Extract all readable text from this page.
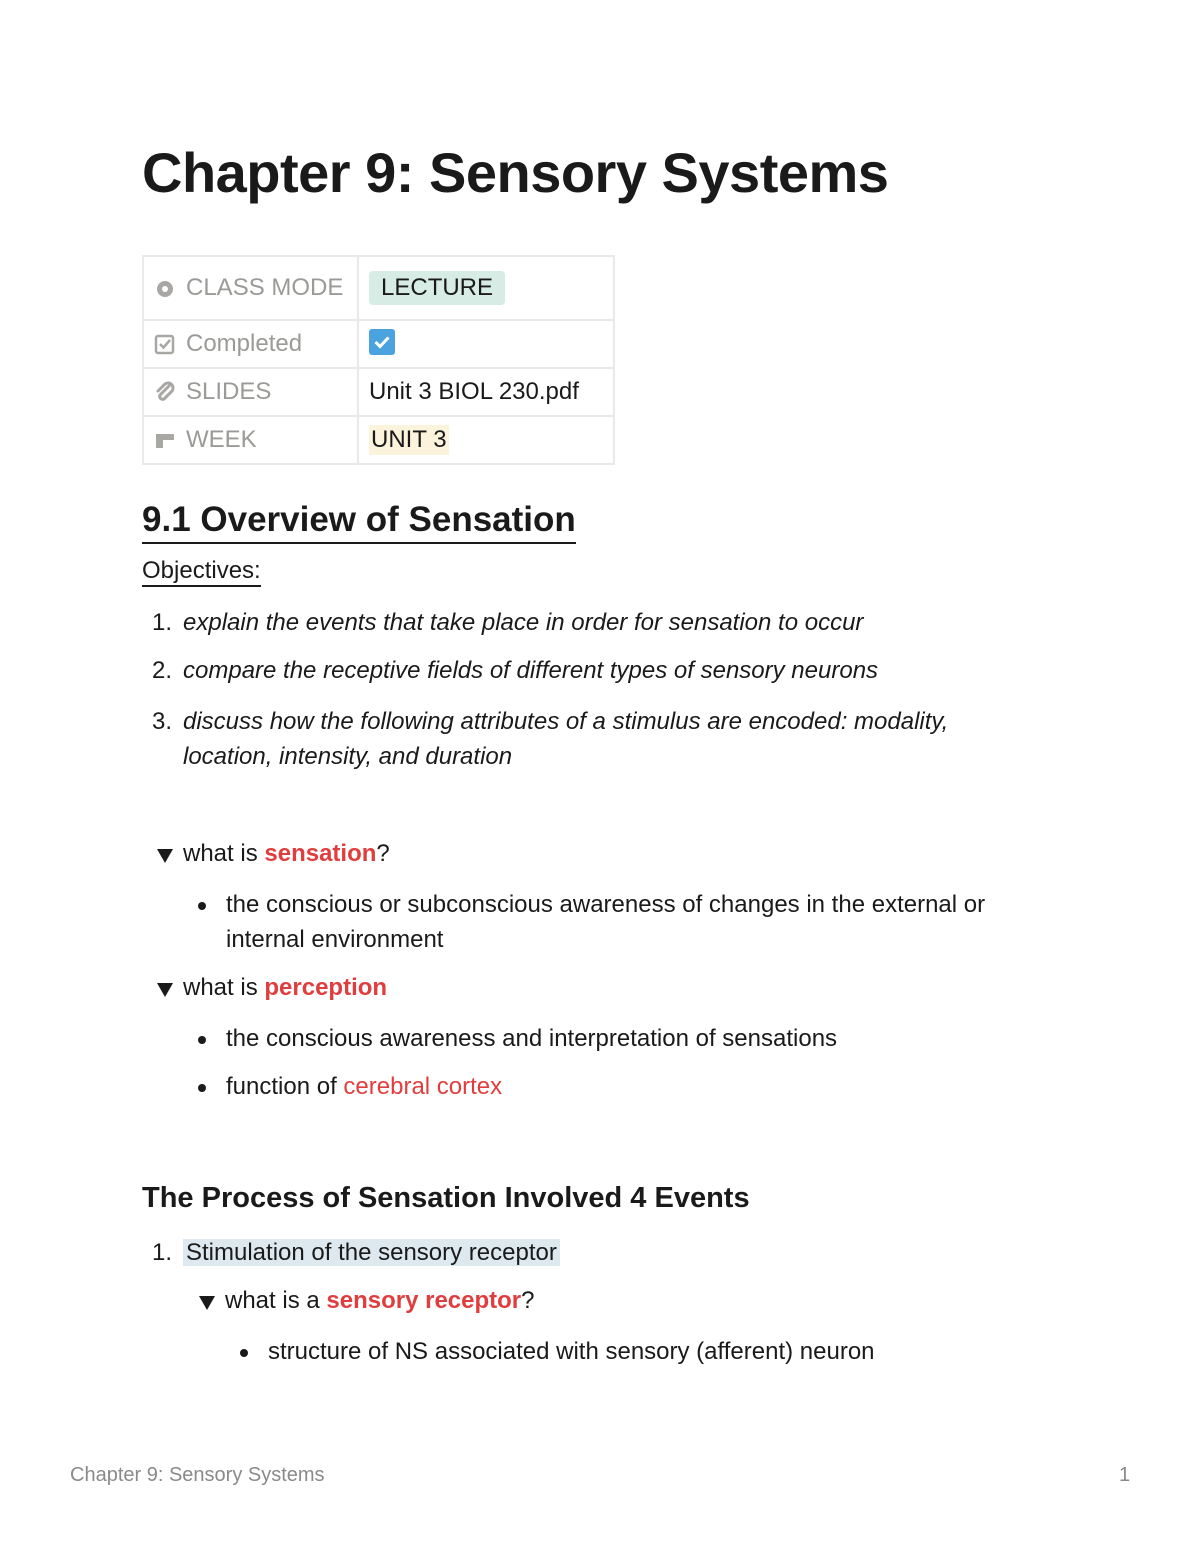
Chapter 9: Sensory Systems
CLASS MODE	LECTURE

Completed

SLIDES	Unit 3 BIOL 230.pdf

WEEK	UNIT 3
9.1 Overview of Sensation
Objectives:
1. explain the events that take place in order for sensation to occur
2. compare the receptive fields of different types of sensory neurons
3. discuss how the following attributes of a stimulus are encoded: modality,
location, intensity, and duration
what is sensation?
the conscious or subconscious awareness of changes in the external or
internal environment
what is perception
the conscious awareness and interpretation of sensations
function of cerebral cortex
The Process of Sensation Involved 4 Events
1. Stimulation of the sensory receptor
what is a sensory receptor?
structure of NS associated with sensory (afferent) neuron
Chapter 9: Sensory Systems	1
